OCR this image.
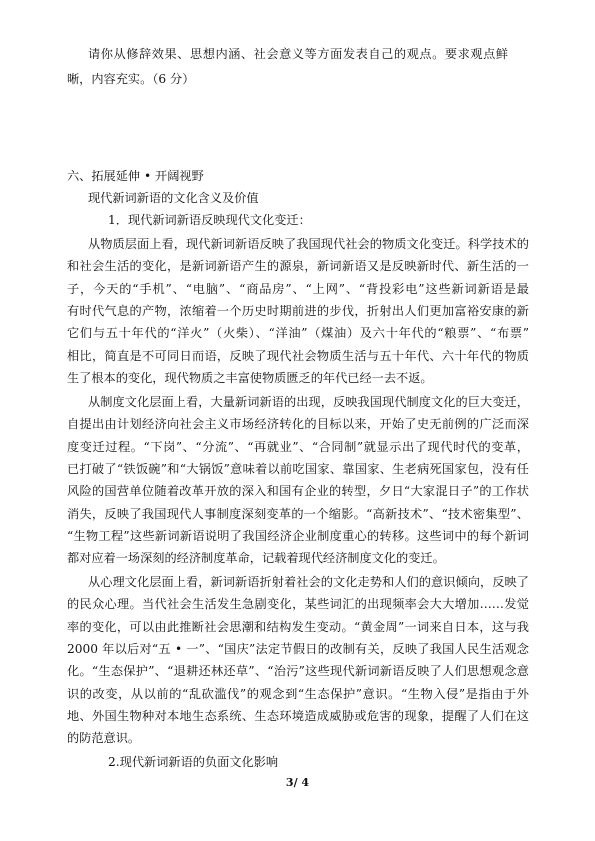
请你从修辞效果、思想内涵、社会意义等方面发表自己的观点。要求观点鲜
晰，内容充实。（6 分）
六、拓展延伸 • 开阔视野
现代新词新语的文化含义及价值
1．现代新词新语反映现代文化变迁：
从物质层面上看，现代新词新语反映了我国现代社会的物质文化变迁。科学技术的
和社会生活的变化，是新词新语产生的源泉，新词新语又是反映新时代、新生活的一
子，今天的“手机”、“电脑”、“商品房”、“上网”、“背投彩电”这些新词新语是最
有时代气息的产物，浓缩着一个历史时期前进的步伐，折射出人们更加富裕安康的新
它们与五十年代的“洋火”（火柴）、“洋油”（煤油）及六十年代的“粮票”、“布票”
相比，简直是不可同日而语，反映了现代社会物质生活与五十年代、六十年代的物质
生了根本的变化，现代物质之丰富使物质匮乏的年代已经一去不返。
从制度文化层面上看，大量新词新语的出现，反映我国现代制度文化的巨大变迁，
自提出由计划经济向社会主义市场经济转化的目标以来，开始了史无前例的广泛而深
度变迁过程。“下岗”、“分流”、“再就业”、“合同制”就显示出了现代时代的变革，
已打破了“铁饭碗”和“大锅饭”意味着以前吃国家、靠国家、生老病死国家包，没有任
风险的国营单位随着改革开放的深入和国有企业的转型，夕日“大家混日子”的工作状
消失，反映了我国现代人事制度深刻变革的一个缩影。“高新技术”、“技术密集型”、
“生物工程”这些新词新语说明了我国经济企业制度重心的转移。这些词中的每个新词
都对应着一场深刻的经济制度革命，记载着现代经济制度文化的变迁。
从心理文化层面上看，新词新语折射着社会的文化走势和人们的意识倾向，反映了
的民众心理。当代社会生活发生急剧变化，某些词汇的出现频率会大大增加……发觉
率的变化，可以由此推断社会思潮和结构发生变动。“黄金周”一词来自日本，这与我
2000 年以后对“五 • 一”、“国庆”法定节假日的改制有关，反映了我国人民生活观念
化。“生态保护”、“退耕还林还草”、“治污”这些现代新词新语反映了人们思想观念意
识的改变，从以前的“乱砍滥伐”的观念到“生态保护”意识。“生物入侵”是指由于外
地、外国生物种对本地生态系统、生态环境造成威胁或危害的现象，提醒了人们在这
的防范意识。
2.现代新词新语的负面文化影响
3/ 4
